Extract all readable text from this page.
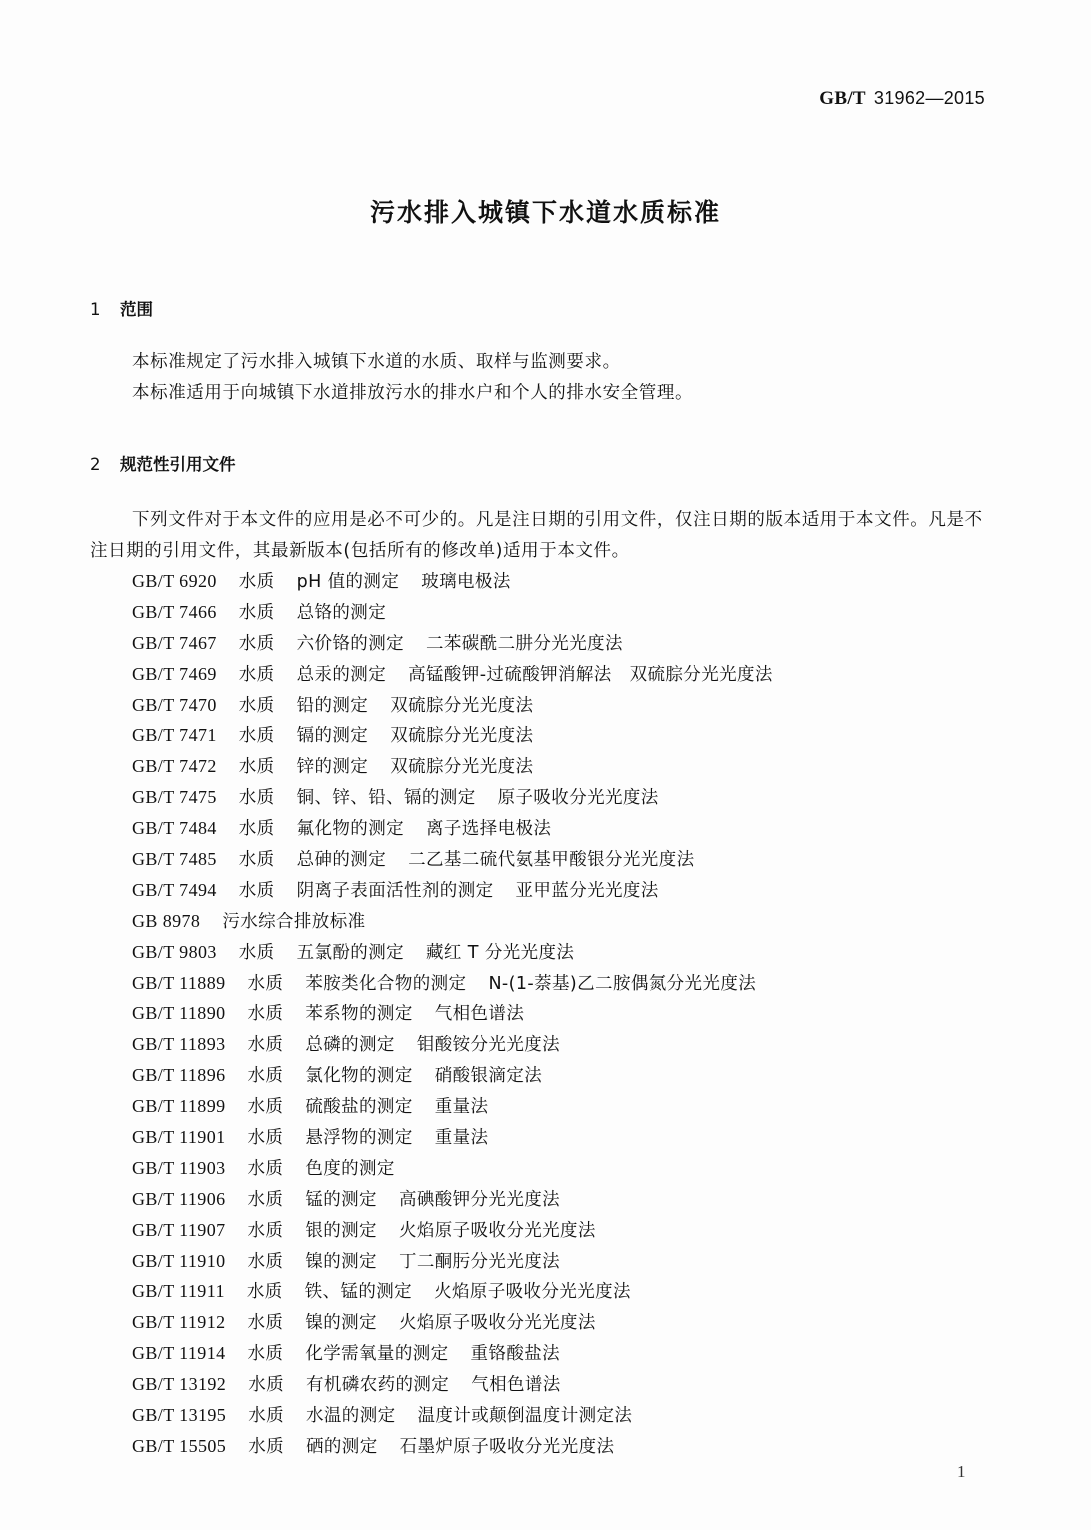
GB/T 31962—2015
污水排入城镇下水道水质标准
1 范围

本标准规定了污水排入城镇下水道的水质、取样与监测要求。

本标准适用于向城镇下水道排放污水的排水户和个人的排水安全管理。

2 规范性引用文件

下列文件对于本文件的应用是必不可少的。凡是注日期的引用文件，仅注日期的版本适用于本文件。凡是不注日期的引用文件，其最新版本(包括所有的修改单)适用于本文件。

GB/T 6920 水质 pH 值的测定 玻璃电极法
GB/T 7466 水质 总铬的测定
GB/T 7467 水质 六价铬的测定 二苯碳酰二肼分光光度法
GB/T 7469 水质 总汞的测定 高锰酸钾-过硫酸钾消解法　双硫腙分光光度法
GB/T 7470 水质 铅的测定 双硫腙分光光度法
GB/T 7471 水质 镉的测定 双硫腙分光光度法
GB/T 7472 水质 锌的测定 双硫腙分光光度法
GB/T 7475 水质 铜、锌、铅、镉的测定 原子吸收分光光度法
GB/T 7484 水质 氟化物的测定 离子选择电极法
GB/T 7485 水质 总砷的测定 二乙基二硫代氨基甲酸银分光光度法
GB/T 7494 水质 阴离子表面活性剂的测定 亚甲蓝分光光度法
GB 8978 污水综合排放标准
GB/T 9803 水质 五氯酚的测定 藏红 T 分光光度法
GB/T 11889 水质 苯胺类化合物的测定 N-(1-萘基)乙二胺偶氮分光光度法
GB/T 11890 水质 苯系物的测定 气相色谱法
GB/T 11893 水质 总磷的测定 钼酸铵分光光度法
GB/T 11896 水质 氯化物的测定 硝酸银滴定法
GB/T 11899 水质 硫酸盐的测定 重量法
GB/T 11901 水质 悬浮物的测定 重量法
GB/T 11903 水质 色度的测定
GB/T 11906 水质 锰的测定 高碘酸钾分光光度法
GB/T 11907 水质 银的测定 火焰原子吸收分光光度法
GB/T 11910 水质 镍的测定 丁二酮肟分光光度法
GB/T 11911 水质 铁、锰的测定 火焰原子吸收分光光度法
GB/T 11912 水质 镍的测定 火焰原子吸收分光光度法
GB/T 11914 水质 化学需氧量的测定 重铬酸盐法
GB/T 13192 水质 有机磷农药的测定 气相色谱法
GB/T 13195 水质 水温的测定 温度计或颠倒温度计测定法
GB/T 15505 水质 硒的测定 石墨炉原子吸收分光光度法
1
